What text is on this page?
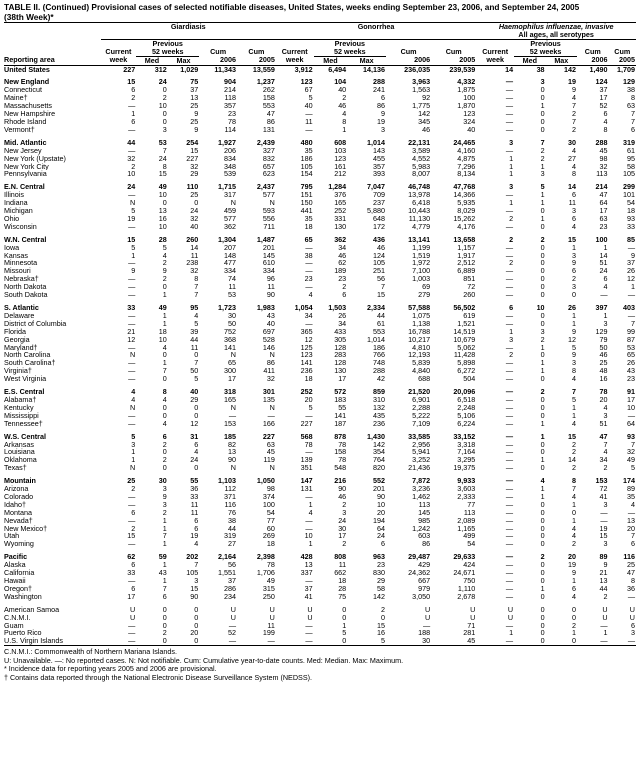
TABLE II. (Continued) Provisional cases of selected notifiable diseases, United States, weeks ending September 23, 2006, and September 24, 2005
(38th Week)*
	Giardiasis					Gonorrhea					Haemophilus influenzae, invasive				
											All ages, all serotypes				
		Previous					Previous					Previous			
	Current	52 weeks		Cum	Cum	Current	52 weeks		Cum	Cum	Current	52 weeks		Cum	Cum
Reporting area	week	Med	Max	2006	2005	week	Med	Max	2006	2005	week	Med	Max	2006	2005
United States	227	312	1,029	11,343	13,559	3,912	6,494	14,136	236,035	239,539	14	38	142	1,490	1,709

New England	15	24	75	904	1,237	123	104	288	3,963	4,332	—	3	19	124	129
Connecticut	6	0	37	214	262	67	40	241	1,563	1,875	—	0	9	37	38
Maine†	2	2	13	118	158	5	2	6	92	100	—	0	4	17	8
Massachusetts	—	10	25	357	553	40	46	86	1,775	1,870	—	1	7	52	63
New Hampshire	1	0	9	23	47	—	4	9	142	123	—	0	2	6	7
Rhode Island	6	0	25	78	86	11	8	19	345	324	—	0	7	4	7
Vermont†	—	3	9	114	131	—	1	3	46	40	—	0	2	8	6

Mid. Atlantic	44	53	254	1,927	2,439	480	608	1,014	22,131	24,465	3	7	30	288	319
New Jersey	—	7	15	206	327	35	103	143	3,589	4,160	—	2	4	45	61
New York (Upstate)	32	24	227	834	832	186	123	455	4,552	4,875	1	2	27	98	95
New York City	2	8	32	348	657	105	161	357	5,983	7,296	1	1	4	32	58
Pennsylvania	10	15	29	539	623	154	212	393	8,007	8,134	1	3	8	113	105

E.N. Central	24	49	110	1,715	2,437	795	1,284	7,047	46,748	47,768	3	5	14	214	299
Illinois	—	10	25	317	577	151	376	709	13,978	14,366	—	1	6	47	101
Indiana	N	0	0	N	N	150	165	237	6,418	5,935	1	1	11	64	54
Michigan	5	13	24	459	593	441	252	5,880	10,443	8,029	—	0	3	17	18
Ohio	19	16	32	577	556	35	331	648	11,130	15,262	2	1	6	63	93
Wisconsin	—	10	40	362	711	18	130	172	4,779	4,176	—	0	4	23	33

W.N. Central	15	28	260	1,304	1,487	65	362	436	13,141	13,658	2	2	15	100	85
Iowa	5	5	14	207	201	—	34	46	1,199	1,157	—	0	1	1	—
Kansas	1	4	11	148	145	38	46	124	1,519	1,917	—	0	3	14	9
Minnesota	—	2	238	477	610	—	62	105	1,972	2,512	2	0	9	51	37
Missouri	9	9	32	334	334	—	189	251	7,100	6,889	—	0	6	24	26
Nebraska†	—	2	8	74	96	23	23	56	1,003	851	—	0	2	6	12
North Dakota	—	0	7	11	11	—	2	7	69	72	—	0	3	4	1
South Dakota	—	1	7	53	90	4	6	15	279	260	—	0	0	—	—

S. Atlantic	33	49	95	1,723	1,983	1,054	1,503	2,334	57,588	56,502	6	10	26	397	403
Delaware	—	1	4	30	43	34	26	44	1,075	619	—	0	1	1	—
District of Columbia	—	1	5	50	40	—	34	61	1,138	1,521	—	0	1	3	7
Florida	21	18	39	752	697	365	433	553	16,788	14,519	1	3	9	129	99
Georgia	12	10	44	368	528	12	305	1,014	10,217	10,679	3	2	12	79	87
Maryland†	—	4	11	141	146	125	128	186	4,810	5,062	—	1	5	50	53
North Carolina	N	0	0	N	N	123	283	766	12,193	11,428	2	0	9	46	65
South Carolina†	—	1	7	65	86	141	128	748	5,839	5,898	—	1	3	25	26
Virginia†	—	7	50	300	411	236	130	288	4,840	6,272	—	1	8	48	43
West Virginia	—	0	5	17	32	18	17	42	688	504	—	0	4	16	23

E.S. Central	4	8	40	318	301	252	572	859	21,520	20,096	—	2	7	78	91
Alabama†	4	4	29	165	135	20	183	310	6,901	6,518	—	0	5	20	17
Kentucky	N	0	0	N	N	5	55	132	2,288	2,248	—	0	1	4	10
Mississippi	—	0	0	—	—	—	141	435	5,222	5,106	—	0	1	3	—
Tennessee†	—	4	12	153	166	227	187	236	7,109	6,224	—	1	4	51	64

W.S. Central	5	6	31	185	227	568	878	1,430	33,585	33,152	—	1	15	47	93
Arkansas	3	2	6	82	63	78	78	142	2,956	3,318	—	0	2	7	7
Louisiana	1	0	4	13	45	—	158	354	5,941	7,164	—	0	2	4	32
Oklahoma	1	2	24	90	119	139	78	764	3,252	3,295	—	1	14	34	49
Texas†	N	0	0	N	N	351	548	820	21,436	19,375	—	0	2	2	5

Mountain	25	30	55	1,103	1,050	147	216	552	7,872	9,933	—	4	8	153	174
Arizona	2	3	36	112	98	131	90	201	3,236	3,603	—	1	7	72	89
Colorado	—	9	33	371	374	—	46	90	1,462	2,333	—	1	4	41	35
Idaho†	—	3	11	116	100	1	2	10	113	77	—	0	1	3	4
Montana	6	2	11	76	54	4	3	20	145	113	—	0	0	—	—
Nevada†	—	1	6	38	77	—	24	194	985	2,089	—	0	1	—	13
New Mexico†	2	1	6	44	60	—	30	64	1,242	1,165	—	0	4	19	20
Utah	15	7	19	319	269	10	17	24	603	499	—	0	4	15	7
Wyoming	—	1	4	27	18	1	2	6	86	54	—	0	2	3	6

Pacific	62	59	202	2,164	2,398	428	808	963	29,487	29,633	—	2	20	89	116
Alaska	6	1	7	56	78	13	11	23	429	424	—	0	19	9	25
California	33	43	105	1,551	1,706	337	662	830	24,362	24,671	—	0	9	21	47
Hawaii	—	1	3	37	49	—	18	29	667	750	—	0	1	13	8
Oregon†	6	7	15	286	315	37	28	58	979	1,110	—	1	6	44	36
Washington	17	6	90	234	250	41	75	142	3,050	2,678	—	0	4	2	—

American Samoa	U	0	0	U	U	U	0	2	U	U	U	0	0	U	U
C.N.M.I.	U	0	0	U	U	U	0	0	U	U	U	0	0	U	U
Guam	—	0	0	—	11	—	1	15	—	71	—	0	2	—	6
Puerto Rico	—	2	20	52	199	—	5	16	188	281	1	0	1	1	3
U.S. Virgin Islands	—	0	0	—	—	—	0	5	30	45	—	0	0	—	—
C.N.M.I.: Commonwealth of Northern Mariana Islands.
U: Unavailable. —: No reported cases. N: Not notifiable. Cum: Cumulative year-to-date counts. Med: Median. Max: Maximum.
* Incidence data for reporting years 2005 and 2006 are provisional.
† Contains data reported through the National Electronic Disease Surveillance System (NEDSS).
